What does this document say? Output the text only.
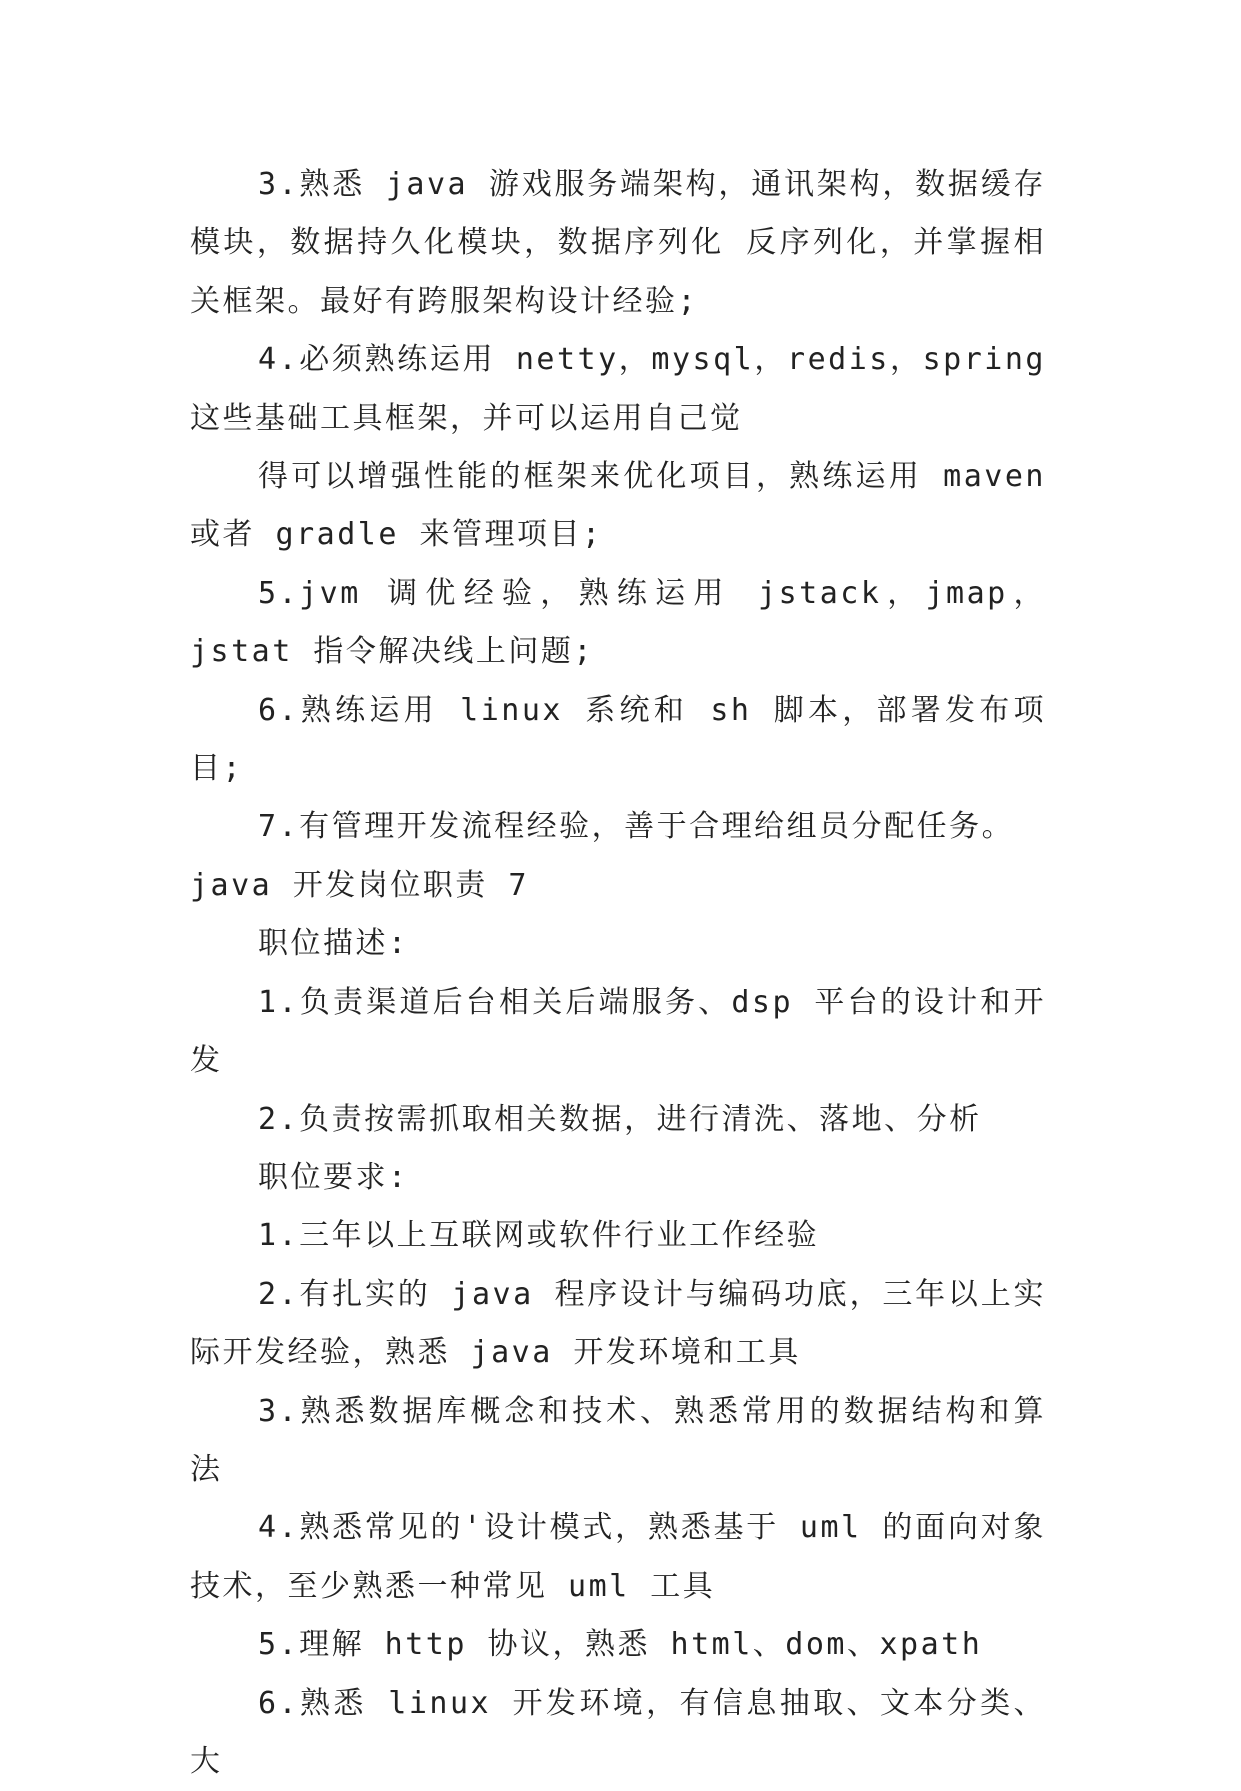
3.熟悉 java 游戏服务端架构，通讯架构，数据缓存模块，数据持久化模块，数据序列化 反序列化，并掌握相关框架。最好有跨服架构设计经验;

4.必须熟练运用 netty，mysql，redis，spring 这些基础工具框架，并可以运用自己觉

得可以增强性能的框架来优化项目，熟练运用 maven 或者 gradle 来管理项目;

5.jvm 调优经验，熟练运用 jstack，jmap，jstat 指令解决线上问题;

6.熟练运用 linux 系统和 sh 脚本，部署发布项目;

7.有管理开发流程经验，善于合理给组员分配任务。

java 开发岗位职责 7

职位描述:

1.负责渠道后台相关后端服务、dsp 平台的设计和开发

2.负责按需抓取相关数据，进行清洗、落地、分析

职位要求:

1.三年以上互联网或软件行业工作经验

2.有扎实的 java 程序设计与编码功底，三年以上实际开发经验，熟悉 java 开发环境和工具

3.熟悉数据库概念和技术、熟悉常用的数据结构和算法

4.熟悉常见的'设计模式，熟悉基于 uml 的面向对象技术，至少熟悉一种常见 uml 工具

5.理解 http 协议，熟悉 html、dom、xpath

6.熟悉 linux 开发环境，有信息抽取、文本分类、大
